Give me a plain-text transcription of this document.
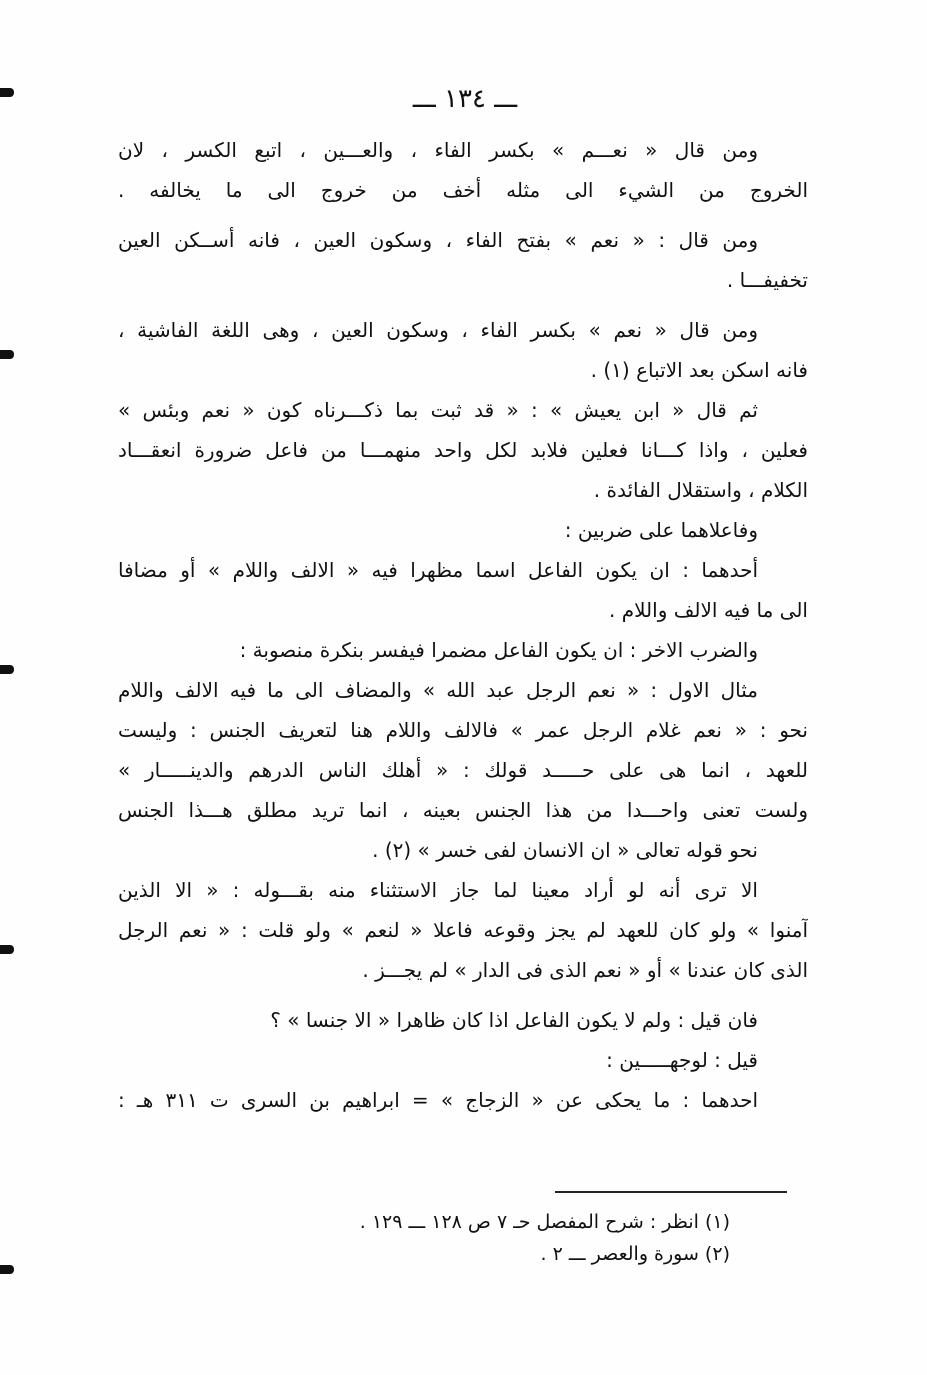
ـــ ١٣٤ ـــ
ومن قال « نعـــم » بكسر الفاء ، والعـــين ، اتبع الكسر ، لان
الخروج من الشيء الى مثله أخف من خروج الى ما يخالفه .
ومن قال : « نعم » بفتح الفاء ، وسكون العين ، فانه أســكن العين
تخفيفـــا .
ومن قال « نعم » بكسر الفاء ، وسكون العين ، وهى اللغة الفاشية ،
فانه اسكن بعد الاتباع (١) .
ثم قال « ابن يعيش » : « قد ثبت بما ذكـــرناه كون « نعم وبئس »
فعلين ، واذا كـــانا فعلين فلابد لكل واحد منهمـــا من فاعل ضرورة انعقـــاد
الكلام ، واستقلال الفائدة .
وفاعلاهما على ضربين :
أحدهما : ان يكون الفاعل اسما مظهرا فيه « الالف واللام » أو مضافا
الى ما فيه الالف واللام .
والضرب الاخر : ان يكون الفاعل مضمرا فيفسر بنكرة منصوبة :
مثال الاول : « نعم الرجل عبد الله » والمضاف الى ما فيه الالف واللام
نحو : « نعم غلام الرجل عمر » فالالف واللام هنا لتعريف الجنس : وليست
للعهد ، انما هى على حـــــد قولك : « أهلك الناس الدرهم والدينـــــار »
ولست تعنى واحـــدا من هذا الجنس بعينه ، انما تريد مطلق هـــذا الجنس
نحو قوله تعالى « ان الانسان لفى خسر » (٢) .
الا ترى أنه لو أراد معينا لما جاز الاستثناء منه بقـــوله : « الا الذين
آمنوا » ولو كان للعهد لم يجز وقوعه فاعلا « لنعم » ولو قلت : « نعم الرجل
الذى كان عندنا » أو « نعم الذى فى الدار » لم يجـــز .
فان قيل : ولم لا يكون الفاعل اذا كان ظاهرا « الا جنسا » ؟
قيل : لوجهـــــين :
احدهما : ما يحكى عن « الزجاج » = ابراهيم بن السرى ت ٣١١ هـ :
(١) انظر : شرح المفصل حـ ٧ ص ١٢٨ ـــ ١٢٩ .
(٢) سورة والعصر ـــ ٢ .
